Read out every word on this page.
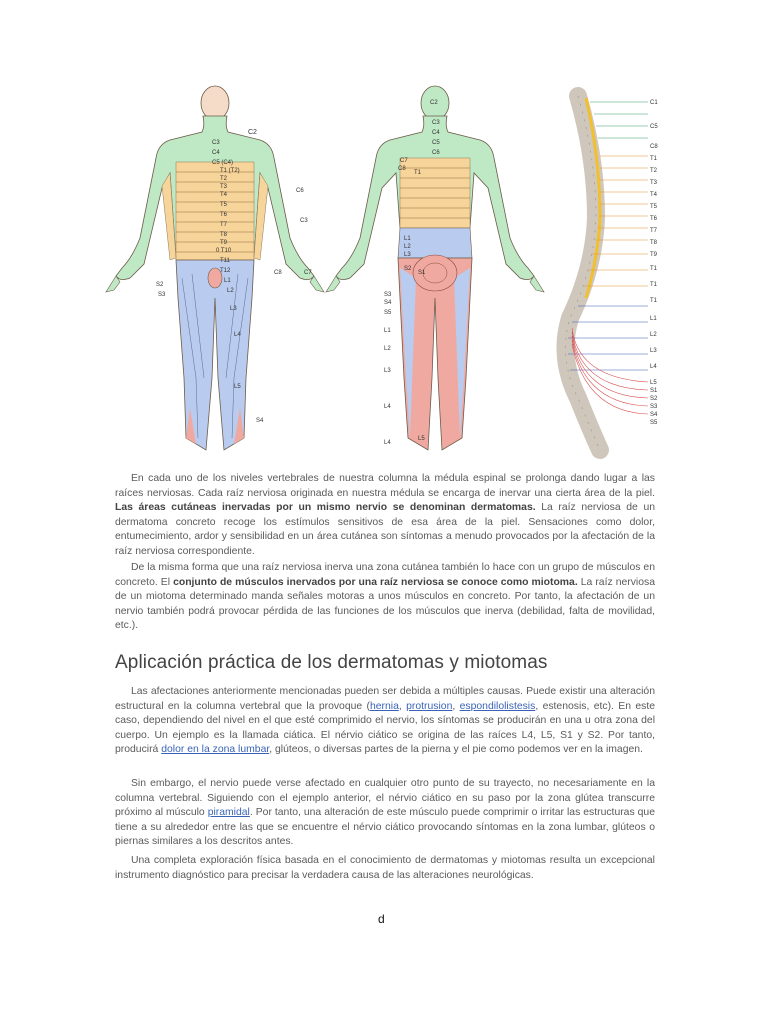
C2
C3
C4
C5 (C4)
T1 (T2)
T2
T3
T4
T5
T6
T7
T8
T9
0 T10
T11
T12
L1
L2
L3
L4
L5
S2
S3
S4
C6
C3
C8	C7
C2
C3
C4
C5
C6
C7
C8
T1
L1
L2
L3
S2
S1
S3
S4
S5
L1
L2
L3
L4
L5
L4
C1
C5
C8
T1
T2
T3
T4
T5
T6
T7
T8
T9
T1
T1
T1
L1
L2
L3
L4
L5
S1
S2
S3
S4
S5

En cada uno de los niveles vertebrales de nuestra columna la médula espinal se prolonga dando lugar a las raíces nerviosas. Cada raíz nerviosa originada en nuestra médula se encarga de inervar una cierta área de la piel. Las áreas cutáneas inervadas por un mismo nervio se denominan dermatomas. La raíz nerviosa de un dermatoma concreto recoge los estímulos sensitivos de esa área de la piel. Sensaciones como dolor, entumecimiento, ardor y sensibilidad en un área cutánea son síntomas a menudo provocados por la afectación de la raíz nerviosa correspondiente.

De la misma forma que una raíz nerviosa inerva una zona cutánea también lo hace con un grupo de músculos en concreto. El conjunto de músculos inervados por una raíz nerviosa se conoce como miotoma. La raíz nerviosa de un miotoma determinado manda señales motoras a unos músculos en concreto. Por tanto, la afectación de un nervio también podrá provocar pérdida de las funciones de los músculos que inerva (debilidad, falta de movilidad, etc.).

Aplicación práctica de los dermatomas y miotomas

Las afectaciones anteriormente mencionadas pueden ser debida a múltiples causas. Puede existir una alteración estructural en la columna vertebral que la provoque (hernia, protrusion, espondilolistesis, estenosis, etc). En este caso, dependiendo del nivel en el que esté comprimido el nervio, los síntomas se producirán en una u otra zona del cuerpo. Un ejemplo es la llamada ciática. El nérvio ciático se origina de las raíces L4, L5, S1 y S2. Por tanto, producirá dolor en la zona lumbar, glúteos, o diversas partes de la pierna y el pie como podemos ver en la imagen.

Sin embargo, el nervio puede verse afectado en cualquier otro punto de su trayecto, no necesariamente en la columna vertebral. Siguiendo con el ejemplo anterior, el nérvio ciático en su paso por la zona glútea transcurre próximo al músculo piramidal. Por tanto, una alteración de este músculo puede comprimir o irritar las estructuras que tiene a su alrededor entre las que se encuentre el nérvio ciático provocando síntomas en la zona lumbar, glúteos o piernas similares a los descritos antes.

Una completa exploración física basada en el conocimiento de dermatomas y miotomas resulta un excepcional instrumento diagnóstico para precisar la verdadera causa de las alteraciones neurológicas.

d
